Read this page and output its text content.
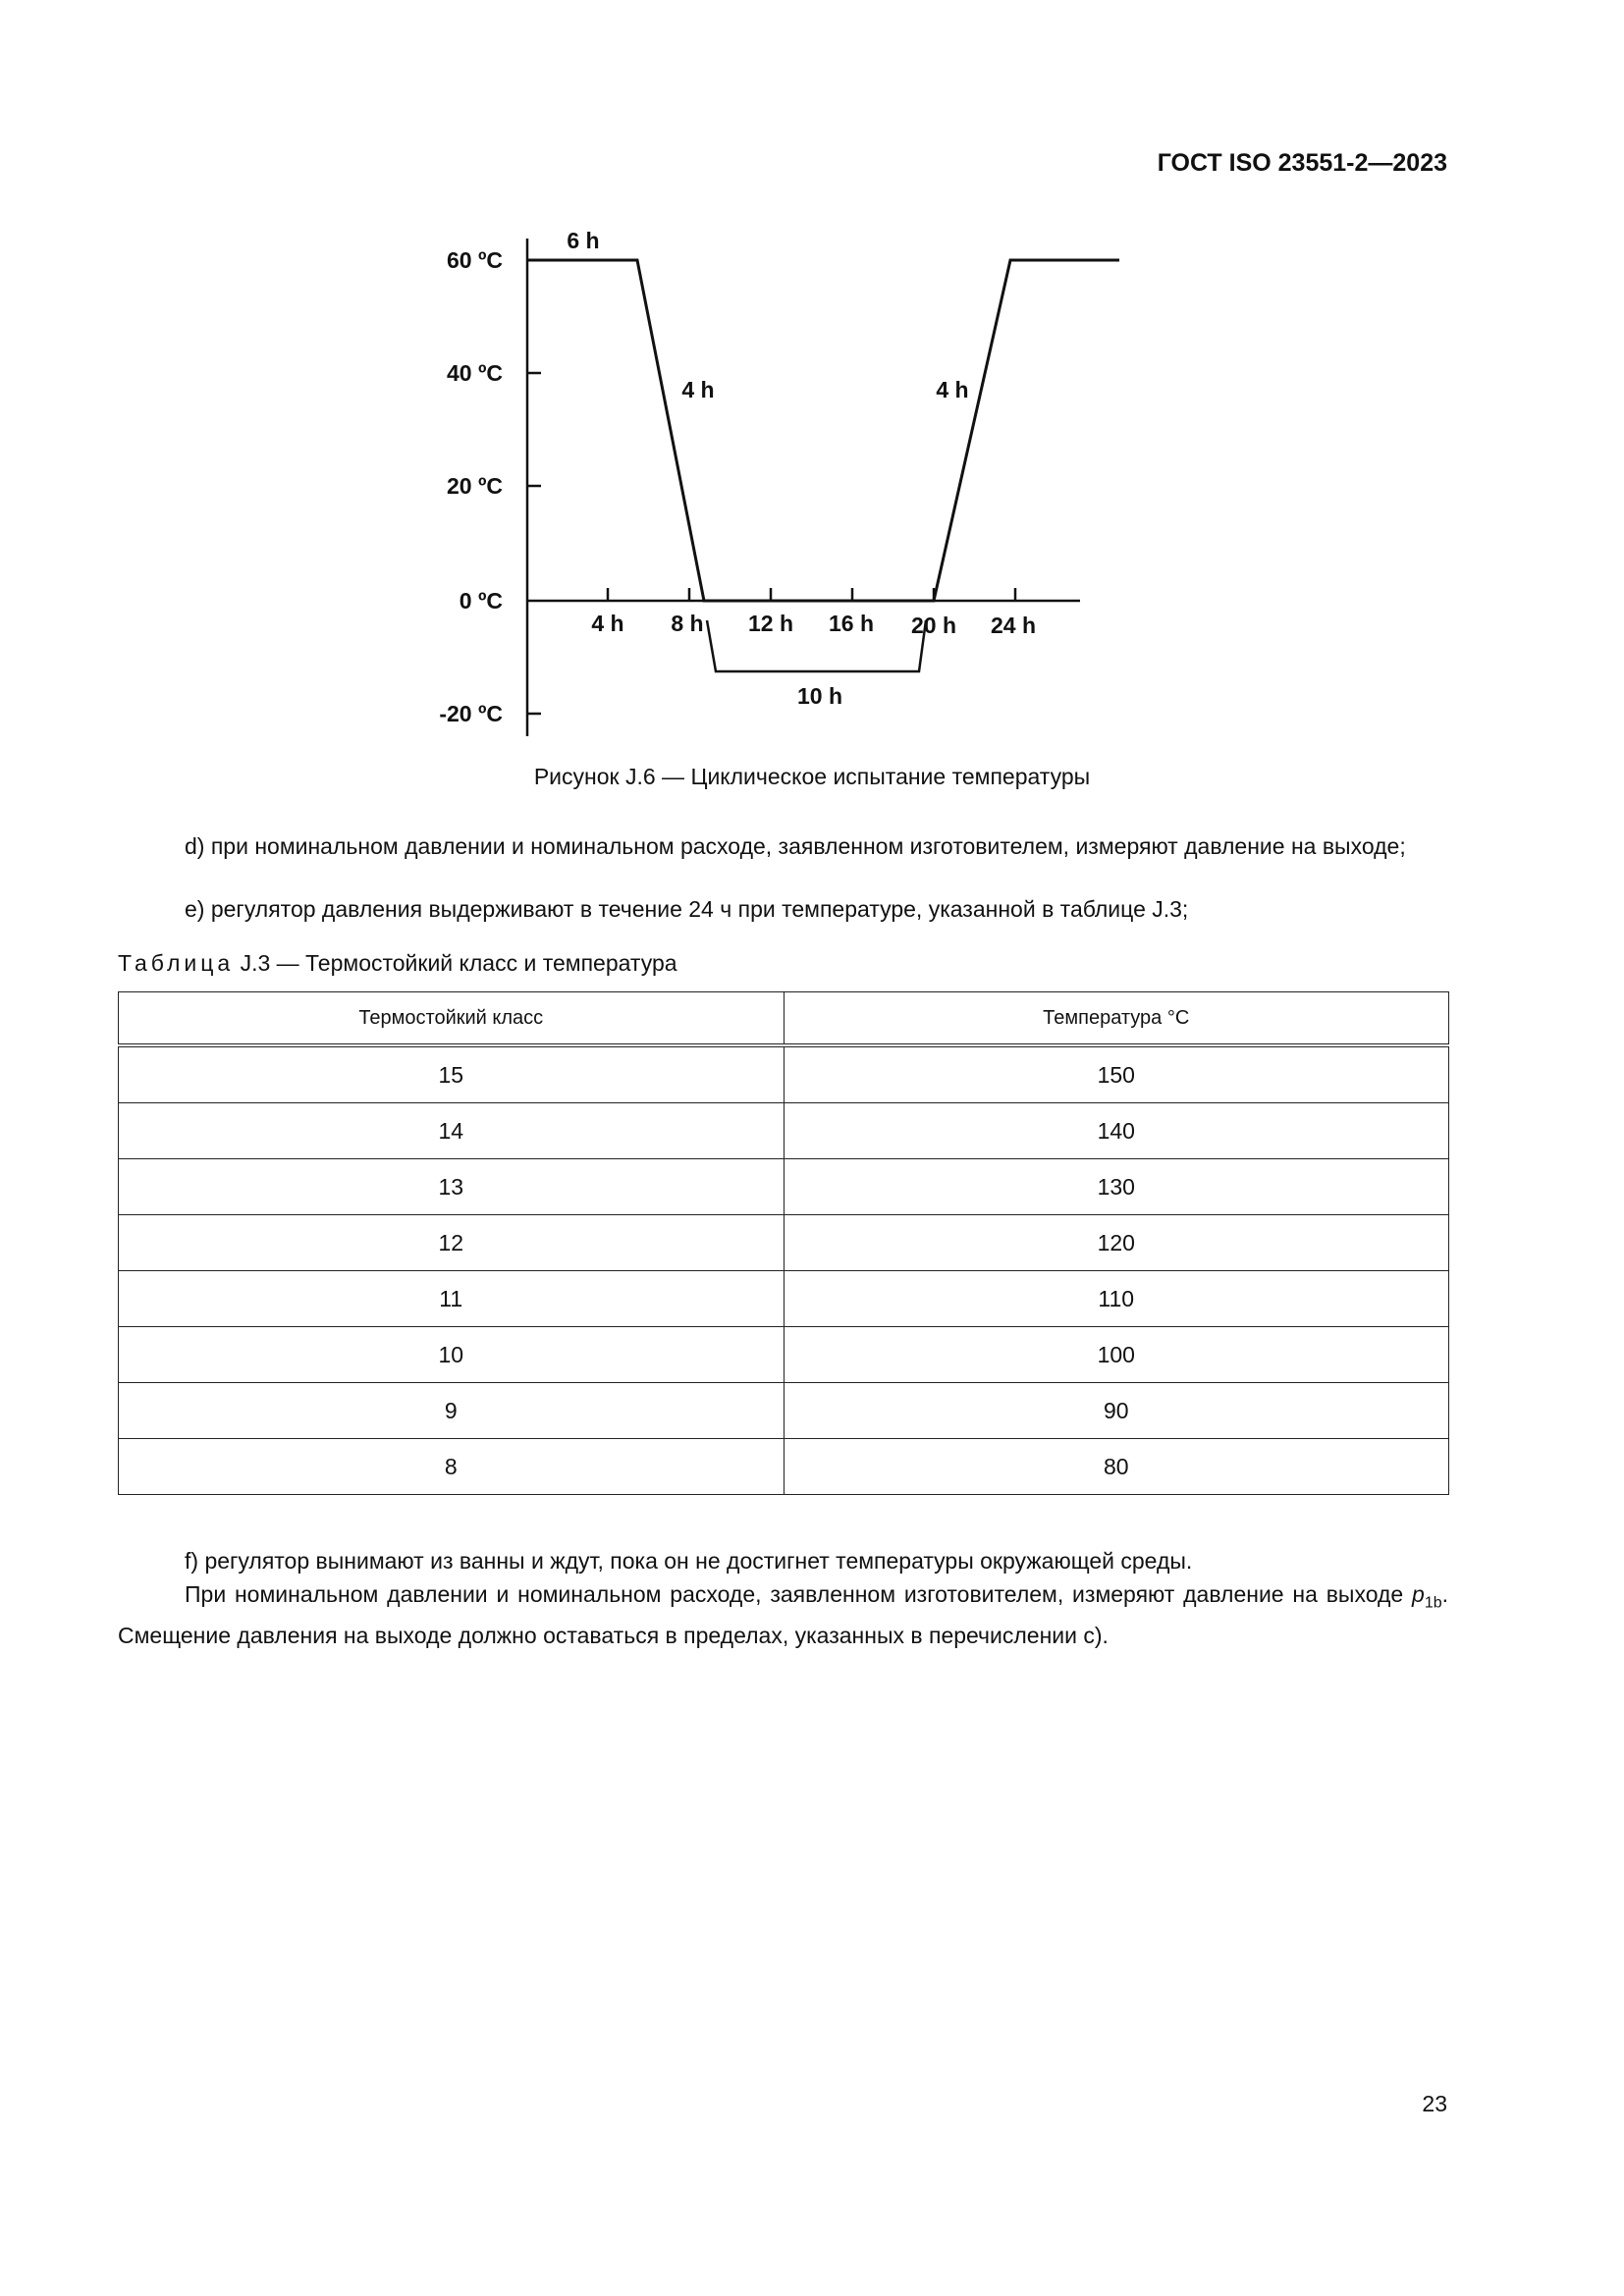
ГОСТ ISO 23551-2—2023
60 ºC
40 ºC
20 ºC
0 ºC
-20 ºC
4 h 8 h 12 h 16 h 20 h 24 h
6 h
4 h	4 h
10 h
Рисунок J.6 — Циклическое испытание температуры
d) при номинальном давлении и номинальном расходе, заявленном изготовителем, измеряют давление на выходе;
e) регулятор давления выдерживают в течение 24 ч при температуре, указанной в таблице J.3;
Таблица J.3 — Термостойкий класс и температура
Термостойкий класс	Температура °C
15	150
14	140
13	130
12	120
11	110
10	100
9	90
8	80
f) регулятор вынимают из ванны и ждут, пока он не достигнет температуры окружающей среды.
При номинальном давлении и номинальном расходе, заявленном изготовителем, измеряют давление на выходе $p_{1b}$. Смещение давления на выходе должно оставаться в пределах, указанных в перечислении c).
23
